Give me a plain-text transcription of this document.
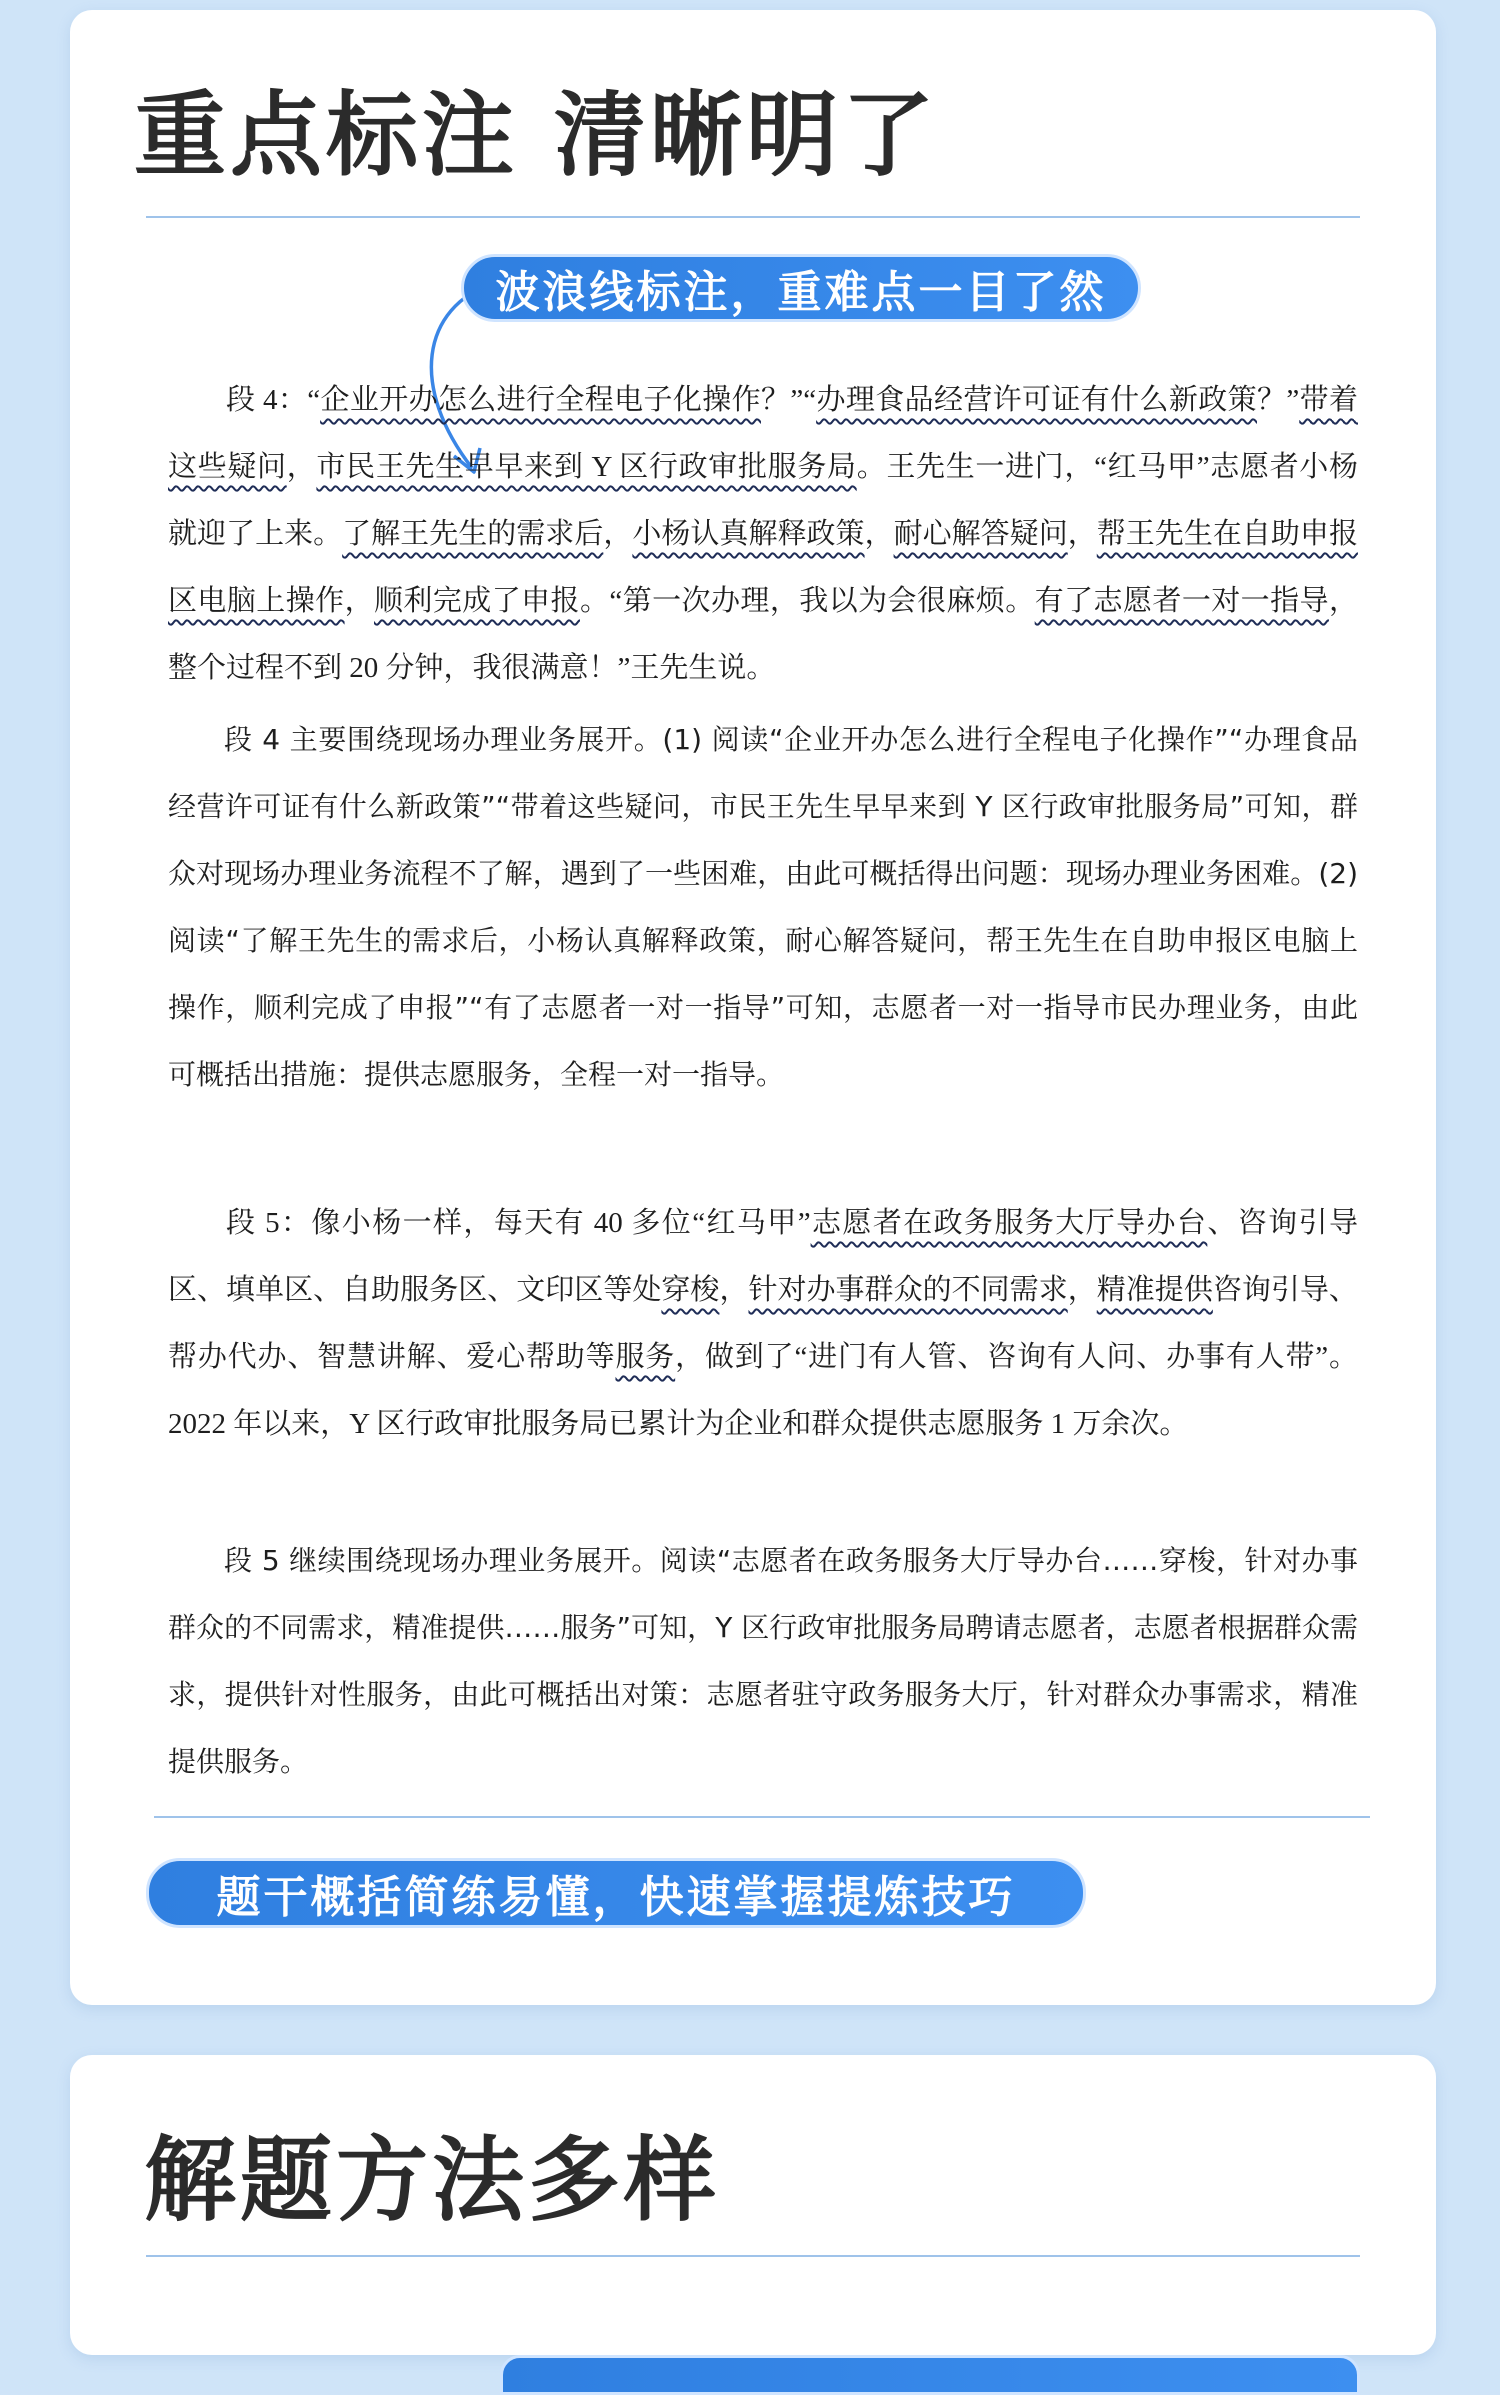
重点标注 清晰明了
波浪线标注，重难点一目了然

段 4：“企业开办怎么进行全程电子化操作？”“办理食品经营许可证有什么新政策？”带着这些疑问，市民王先生早早来到 Y 区行政审批服务局。王先生一进门，“红马甲”志愿者小杨就迎了上来。了解王先生的需求后，小杨认真解释政策，耐心解答疑问，帮王先生在自助申报区电脑上操作，顺利完成了申报。“第一次办理，我以为会很麻烦。有了志愿者一对一指导，整个过程不到 20 分钟，我很满意！”王先生说。

段 4 主要围绕现场办理业务展开。(1) 阅读“企业开办怎么进行全程电子化操作”“办理食品经营许可证有什么新政策”“带着这些疑问，市民王先生早早来到 Y 区行政审批服务局”可知，群众对现场办理业务流程不了解，遇到了一些困难，由此可概括得出问题：现场办理业务困难。(2) 阅读“了解王先生的需求后，小杨认真解释政策，耐心解答疑问，帮王先生在自助申报区电脑上操作，顺利完成了申报”“有了志愿者一对一指导”可知，志愿者一对一指导市民办理业务，由此可概括出措施：提供志愿服务，全程一对一指导。

段 5：像小杨一样，每天有 40 多位“红马甲”志愿者在政务服务大厅导办台、咨询引导区、填单区、自助服务区、文印区等处穿梭，针对办事群众的不同需求，精准提供咨询引导、帮办代办、智慧讲解、爱心帮助等服务，做到了“进门有人管、咨询有人问、办事有人带”。2022 年以来，Y 区行政审批服务局已累计为企业和群众提供志愿服务 1 万余次。

段 5 继续围绕现场办理业务展开。阅读“志愿者在政务服务大厅导办台……穿梭，针对办事群众的不同需求，精准提供……服务”可知，Y 区行政审批服务局聘请志愿者，志愿者根据群众需求，提供针对性服务，由此可概括出对策：志愿者驻守政务服务大厅，针对群众办事需求，精准提供服务。

题干概括简练易懂，快速掌握提炼技巧
解题方法多样
